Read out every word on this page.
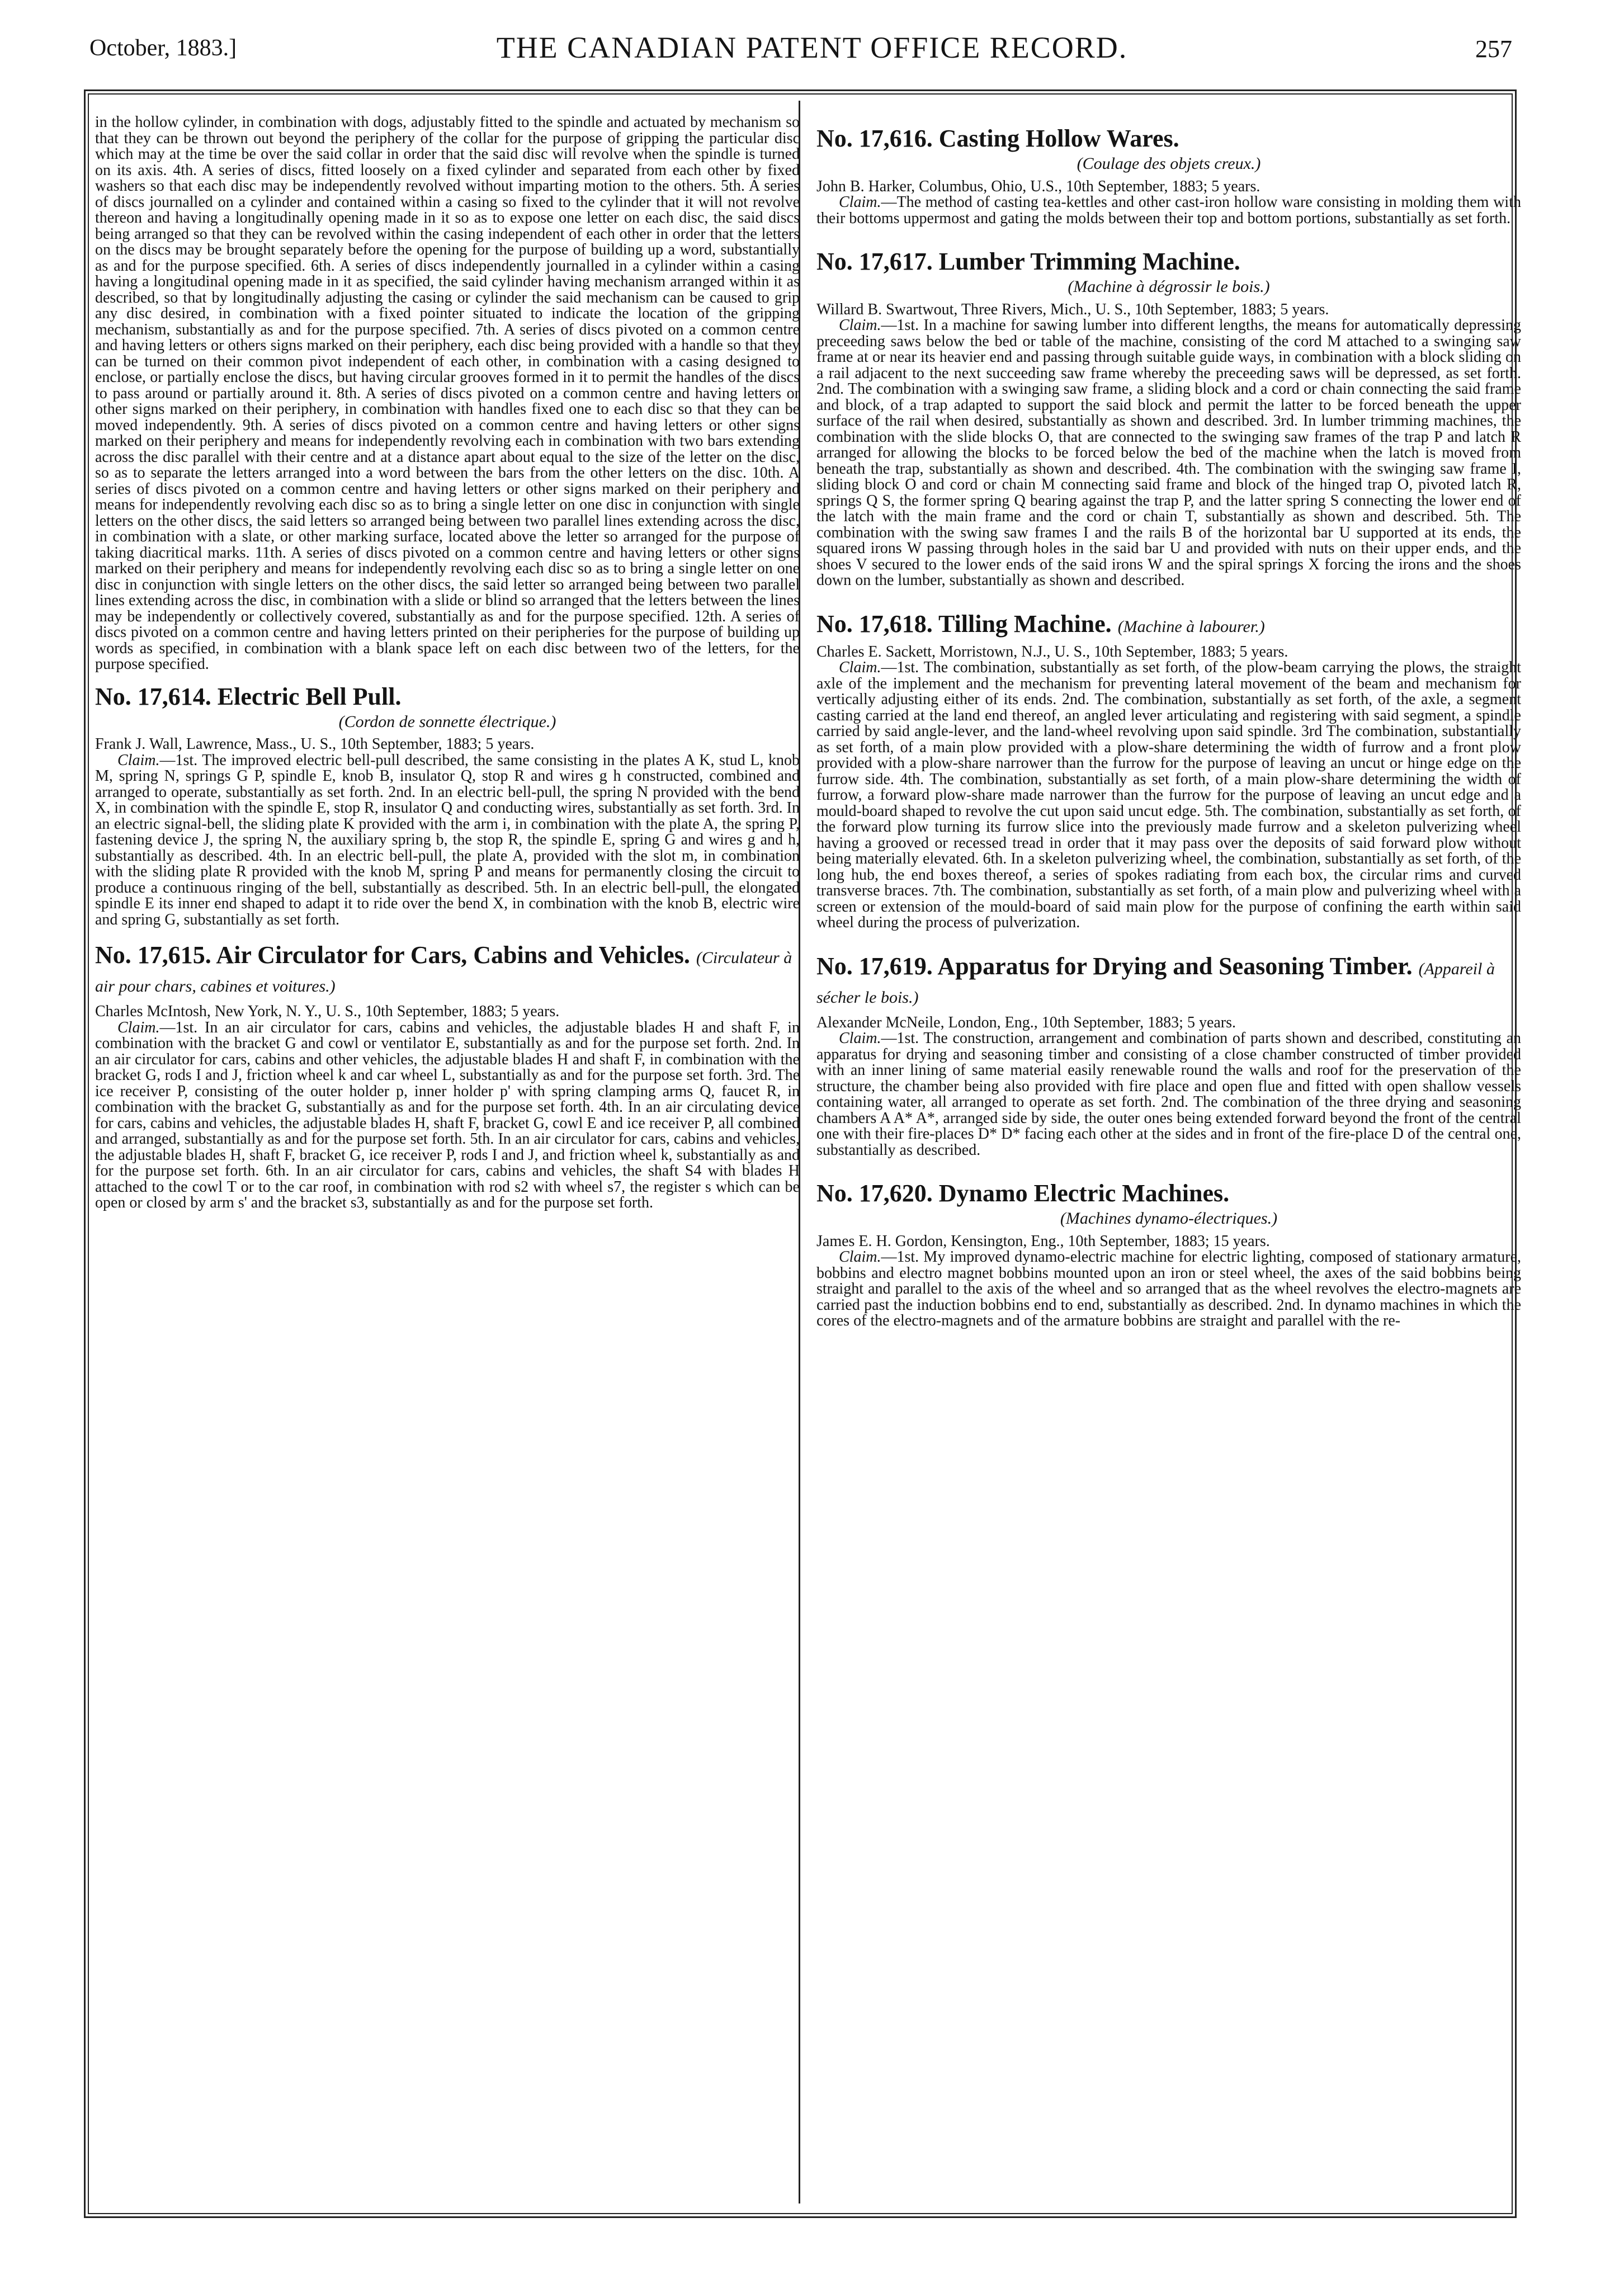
October, 1883.]	THE CANADIAN PATENT OFFICE RECORD.	257

in the hollow cylinder, in combination with dogs, adjustably fitted to the spindle and actuated by mechanism so that they can be thrown out beyond the periphery of the collar for the purpose of gripping the particular disc which may at the time be over the said collar in order that the said disc will revolve when the spindle is turned on its axis. 4th. A series of discs, fitted loosely on a fixed cylinder and separated from each other by fixed washers so that each disc may be independently revolved without imparting motion to the others. 5th. A series of discs journalled on a cylinder and contained within a casing so fixed to the cylinder that it will not revolve thereon and having a longitudinally opening made in it so as to expose one letter on each disc, the said discs being arranged so that they can be revolved within the casing independent of each other in order that the letters on the discs may be brought separately before the opening for the purpose of building up a word, substantially as and for the purpose specified. 6th. A series of discs independently journalled in a cylinder within a casing having a longitudinal opening made in it as specified, the said cylinder having mechanism arranged within it as described, so that by longitudinally adjusting the casing or cylinder the said mechanism can be caused to grip any disc desired, in combination with a fixed pointer situated to indicate the location of the gripping mechanism, substantially as and for the purpose specified. 7th. A series of discs pivoted on a common centre and having letters or others signs marked on their periphery, each disc being provided with a handle so that they can be turned on their common pivot independent of each other, in combination with a casing designed to enclose, or partially enclose the discs, but having circular grooves formed in it to permit the handles of the discs to pass around or partially around it. 8th. A series of discs pivoted on a common centre and having letters or other signs marked on their periphery, in combination with handles fixed one to each disc so that they can be moved independently. 9th. A series of discs pivoted on a common centre and having letters or other signs marked on their periphery and means for independently revolving each in combination with two bars extending across the disc parallel with their centre and at a distance apart about equal to the size of the letter on the disc, so as to separate the letters arranged into a word between the bars from the other letters on the disc. 10th. A series of discs pivoted on a common centre and having letters or other signs marked on their periphery and means for independently revolving each disc so as to bring a single letter on one disc in conjunction with single letters on the other discs, the said letters so arranged being between two parallel lines extending across the disc, in combination with a slate, or other marking surface, located above the letter so arranged for the purpose of taking diacritical marks. 11th. A series of discs pivoted on a common centre and having letters or other signs marked on their periphery and means for independently revolving each disc so as to bring a single letter on one disc in conjunction with single letters on the other discs, the said letter so arranged being between two parallel lines extending across the disc, in combination with a slide or blind so arranged that the letters between the lines may be independently or collectively covered, substantially as and for the purpose specified. 12th. A series of discs pivoted on a common centre and having letters printed on their peripheries for the purpose of building up words as specified, in combination with a blank space left on each disc between two of the letters, for the purpose specified.

No. 17,614. Electric Bell Pull.
(Cordon de sonnette électrique.)

Frank J. Wall, Lawrence, Mass., U. S., 10th September, 1883; 5 years.

Claim.—1st. The improved electric bell-pull described, the same consisting in the plates A K, stud L, knob M, spring N, springs G P, spindle E, knob B, insulator Q, stop R and wires g h constructed, combined and arranged to operate, substantially as set forth. 2nd. In an electric bell-pull, the spring N provided with the bend X, in combination with the spindle E, stop R, insulator Q and conducting wires, substantially as set forth. 3rd. In an electric signal-bell, the sliding plate K provided with the arm i, in combination with the plate A, the spring P, fastening device J, the spring N, the auxiliary spring b, the stop R, the spindle E, spring G and wires g and h, substantially as described. 4th. In an electric bell-pull, the plate A, provided with the slot m, in combination with the sliding plate R provided with the knob M, spring P and means for permanently closing the circuit to produce a continuous ringing of the bell, substantially as described. 5th. In an electric bell-pull, the elongated spindle E its inner end shaped to adapt it to ride over the bend X, in combination with the knob B, electric wire and spring G, substantially as set forth.

No. 17,615. Air Circulator for Cars, Cabins and Vehicles. (Circulateur à air pour chars, cabines et voitures.)

Charles McIntosh, New York, N. Y., U. S., 10th September, 1883; 5 years.

Claim.—1st. In an air circulator for cars, cabins and vehicles, the adjustable blades H and shaft F, in combination with the bracket G and cowl or ventilator E, substantially as and for the purpose set forth. 2nd. In an air circulator for cars, cabins and other vehicles, the adjustable blades H and shaft F, in combination with the bracket G, rods I and J, friction wheel k and car wheel L, substantially as and for the purpose set forth. 3rd. The ice receiver P, consisting of the outer holder p, inner holder p' with spring clamping arms Q, faucet R, in combination with the bracket G, substantially as and for the purpose set forth. 4th. In an air circulating device for cars, cabins and vehicles, the adjustable blades H, shaft F, bracket G, cowl E and ice receiver P, all combined and arranged, substantially as and for the purpose set forth. 5th. In an air circulator for cars, cabins and vehicles, the adjustable blades H, shaft F, bracket G, ice receiver P, rods I and J, and friction wheel k, substantially as and for the purpose set forth. 6th. In an air circulator for cars, cabins and vehicles, the shaft S4 with blades H attached to the cowl T or to the car roof, in combination with rod s2 with wheel s7, the register s which can be open or closed by arm s' and the bracket s3, substantially as and for the purpose set forth.

No. 17,616. Casting Hollow Wares.
(Coulage des objets creux.)

John B. Harker, Columbus, Ohio, U.S., 10th September, 1883; 5 years.

Claim.—The method of casting tea-kettles and other cast-iron hollow ware consisting in molding them with their bottoms uppermost and gating the molds between their top and bottom portions, substantially as set forth.

No. 17,617. Lumber Trimming Machine.
(Machine à dégrossir le bois.)

Willard B. Swartwout, Three Rivers, Mich., U. S., 10th September, 1883; 5 years.

Claim.—1st. In a machine for sawing lumber into different lengths, the means for automatically depressing preceeding saws below the bed or table of the machine, consisting of the cord M attached to a swinging saw frame at or near its heavier end and passing through suitable guide ways, in combination with a block sliding on a rail adjacent to the next succeeding saw frame whereby the preceeding saws will be depressed, as set forth. 2nd. The combination with a swinging saw frame, a sliding block and a cord or chain connecting the said frame and block, of a trap adapted to support the said block and permit the latter to be forced beneath the upper surface of the rail when desired, substantially as shown and described. 3rd. In lumber trimming machines, the combination with the slide blocks O, that are connected to the swinging saw frames of the trap P and latch R arranged for allowing the blocks to be forced below the bed of the machine when the latch is moved from beneath the trap, substantially as shown and described. 4th. The combination with the swinging saw frame I, sliding block O and cord or chain M connecting said frame and block of the hinged trap O, pivoted latch R, springs Q S, the former spring Q bearing against the trap P, and the latter spring S connecting the lower end of the latch with the main frame and the cord or chain T, substantially as shown and described. 5th. The combination with the swing saw frames I and the rails B of the horizontal bar U supported at its ends, the squared irons W passing through holes in the said bar U and provided with nuts on their upper ends, and the shoes V secured to the lower ends of the said irons W and the spiral springs X forcing the irons and the shoes down on the lumber, substantially as shown and described.

No. 17,618. Tilling Machine. (Machine à labourer.)

Charles E. Sackett, Morristown, N.J., U. S., 10th September, 1883; 5 years.

Claim.—1st. The combination, substantially as set forth, of the plow-beam carrying the plows, the straight axle of the implement and the mechanism for preventing lateral movement of the beam and mechanism for vertically adjusting either of its ends. 2nd. The combination, substantially as set forth, of the axle, a segment casting carried at the land end thereof, an angled lever articulating and registering with said segment, a spindle carried by said angle-lever, and the land-wheel revolving upon said spindle. 3rd The combination, substantially as set forth, of a main plow provided with a plow-share determining the width of furrow and a front plow provided with a plow-share narrower than the furrow for the purpose of leaving an uncut or hinge edge on the furrow side. 4th. The combination, substantially as set forth, of a main plow-share determining the width of furrow, a forward plow-share made narrower than the furrow for the purpose of leaving an uncut edge and a mould-board shaped to revolve the cut upon said uncut edge. 5th. The combination, substantially as set forth, of the forward plow turning its furrow slice into the previously made furrow and a skeleton pulverizing wheel having a grooved or recessed tread in order that it may pass over the deposits of said forward plow without being materially elevated. 6th. In a skeleton pulverizing wheel, the combination, substantially as set forth, of the long hub, the end boxes thereof, a series of spokes radiating from each box, the circular rims and curved transverse braces. 7th. The combination, substantially as set forth, of a main plow and pulverizing wheel with a screen or extension of the mould-board of said main plow for the purpose of confining the earth within said wheel during the process of pulverization.

No. 17,619. Apparatus for Drying and Seasoning Timber. (Appareil à sécher le bois.)

Alexander McNeile, London, Eng., 10th September, 1883; 5 years.

Claim.—1st. The construction, arrangement and combination of parts shown and described, constituting an apparatus for drying and seasoning timber and consisting of a close chamber constructed of timber provided with an inner lining of same material easily renewable round the walls and roof for the preservation of the structure, the chamber being also provided with fire place and open flue and fitted with open shallow vessels containing water, all arranged to operate as set forth. 2nd. The combination of the three drying and seasoning chambers A A* A*, arranged side by side, the outer ones being extended forward beyond the front of the central one with their fire-places D* D* facing each other at the sides and in front of the fire-place D of the central one, substantially as described.

No. 17,620. Dynamo Electric Machines.
(Machines dynamo-électriques.)

James E. H. Gordon, Kensington, Eng., 10th September, 1883; 15 years.

Claim.—1st. My improved dynamo-electric machine for electric lighting, composed of stationary armature, bobbins and electro magnet bobbins mounted upon an iron or steel wheel, the axes of the said bobbins being straight and parallel to the axis of the wheel and so arranged that as the wheel revolves the electro-magnets are carried past the induction bobbins end to end, substantially as described. 2nd. In dynamo machines in which the cores of the electro-magnets and of the armature bobbins are straight and parallel with the re-
